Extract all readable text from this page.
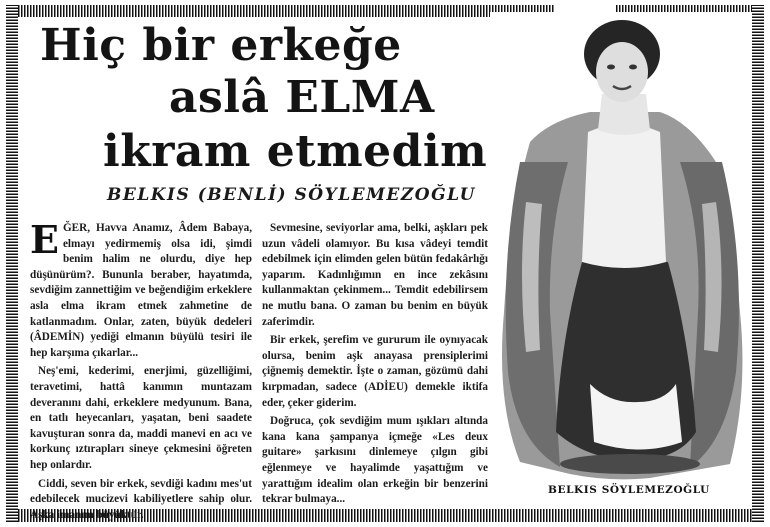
Hiç bir erkeğe
aslâ ELMA
ikram etmedim
BELKIS (BENLİ) SÖYLEMEZOĞLU

EĞER, Havva Anamız, Âdem Babaya, elmayı yedirmemiş olsa idi, şimdi benim halim ne olurdu, diye hep düşünürüm?. Bununla beraber, hayatımda, sevdiğim zannettiğim ve beğendiğim erkeklere asla elma ikram etmek zahmetine de katlanmadım. Onlar, zaten, büyük dedeleri (ÂDEMİN) yediği elmanın büyülü tesiri ile hep karşıma çıkarlar...

Neş'emi, kederimi, enerjimi, güzelliğimi, teravetimi, hattâ kanımın muntazam deveranını dahi, erkeklere medyunum. Bana, en tatlı heyecanları, yaşatan, beni saadete kavuşturan sonra da, maddi manevi en acı ve korkunç ıztırapları sineye çekmesini öğreten hep onlardır.

Ciddi, seven bir erkek, sevdiği kadını mes'ut edebilecek mucizevi kabiliyetlere sahip olur. Aşka imanım büyüktür.

Sevmesine, seviyorlar ama, belki, aşkları pek uzun vâdeli olamıyor. Bu kısa vâdeyi temdit edebilmek için elimden gelen bütün fedakârlığı yaparım. Kadınlığımın en ince zekâsını kullanmaktan çekinmem... Temdit edebilirsem ne mutlu bana. O zaman bu benim en büyük zaferimdir.

Bir erkek, şerefim ve gururum ile oynıyacak olursa, benim aşk anayasa prensiplerimi çiğnemiş demektir. İşte o zaman, gözümü dahi kırpmadan, sadece (ADİEU) demekle iktifa eder, çeker giderim.

Doğruca, çok sevdiğim mum ışıkları altında kana kana şampanya içmeğe «Les deux guitare» şarkısını dinlemeye çılgın gibi eğlenmeye ve hayalimde yaşattığım ve yarattığım idealim olan erkeğin bir benzerini tekrar bulmaya...

BELKIS SÖYLEMEZOĞLU
